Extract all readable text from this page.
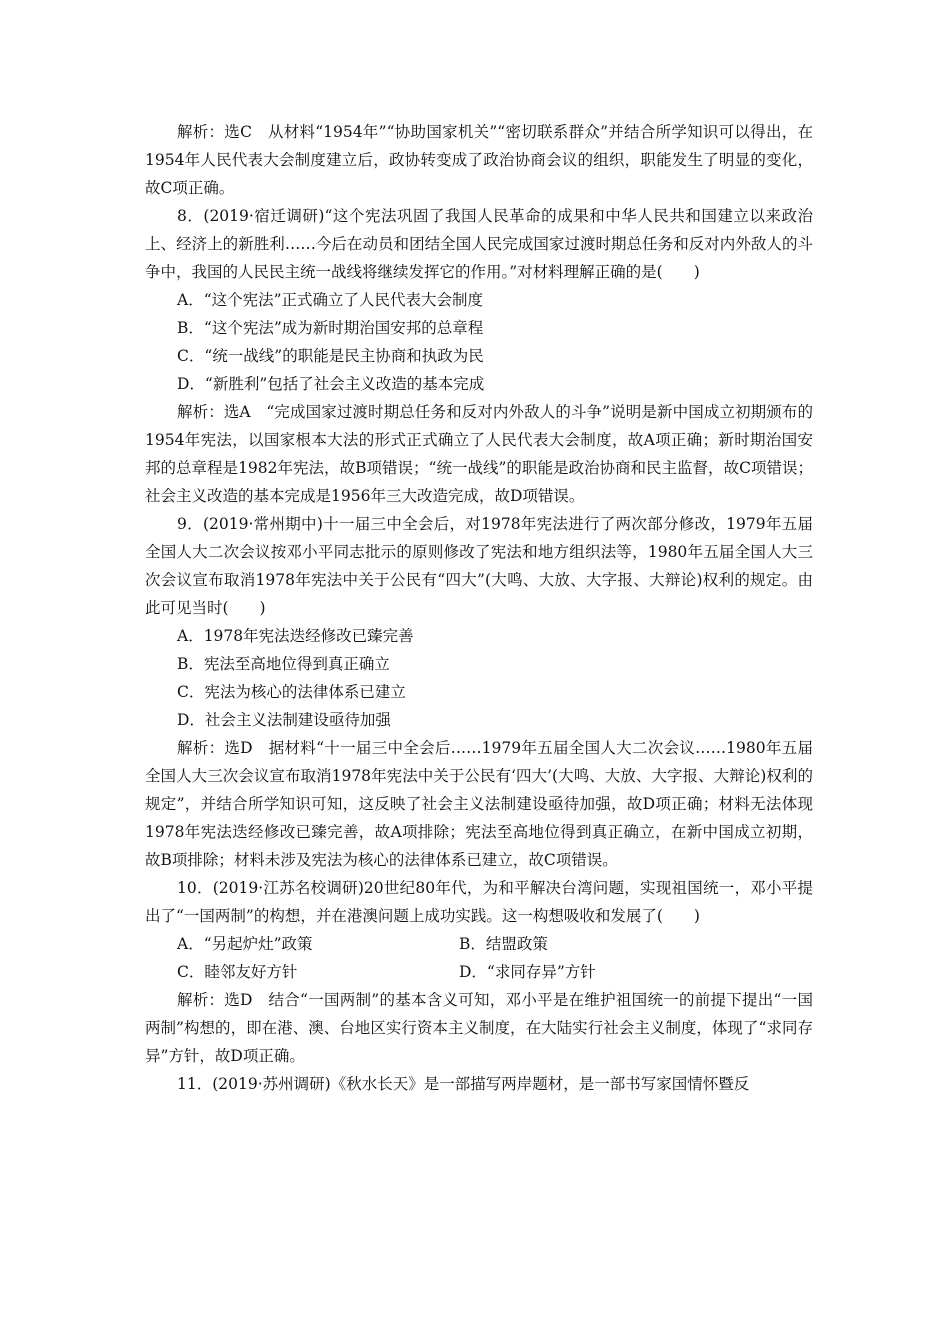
解析：选C　从材料“1954年”“协助国家机关”“密切联系群众”并结合所学知识可以得出，在1954年人民代表大会制度建立后，政协转变成了政治协商会议的组织，职能发生了明显的变化，故C项正确。

8．(2019·宿迁调研)“这个宪法巩固了我国人民革命的成果和中华人民共和国建立以来政治上、经济上的新胜利……今后在动员和团结全国人民完成国家过渡时期总任务和反对内外敌人的斗争中，我国的人民民主统一战线将继续发挥它的作用。”对材料理解正确的是(　　)

A．“这个宪法”正式确立了人民代表大会制度

B．“这个宪法”成为新时期治国安邦的总章程

C．“统一战线”的职能是民主协商和执政为民

D．“新胜利”包括了社会主义改造的基本完成

解析：选A　“完成国家过渡时期总任务和反对内外敌人的斗争”说明是新中国成立初期颁布的1954年宪法，以国家根本大法的形式正式确立了人民代表大会制度，故A项正确；新时期治国安邦的总章程是1982年宪法，故B项错误；“统一战线”的职能是政治协商和民主监督，故C项错误；社会主义改造的基本完成是1956年三大改造完成，故D项错误。

9．(2019·常州期中)十一届三中全会后，对1978年宪法进行了两次部分修改，1979年五届全国人大二次会议按邓小平同志批示的原则修改了宪法和地方组织法等，1980年五届全国人大三次会议宣布取消1978年宪法中关于公民有“四大”(大鸣、大放、大字报、大辩论)权利的规定。由此可见当时(　　)

A．1978年宪法迭经修改已臻完善

B．宪法至高地位得到真正确立

C．宪法为核心的法律体系已建立

D．社会主义法制建设亟待加强

解析：选D　据材料“十一届三中全会后……1979年五届全国人大二次会议……1980年五届全国人大三次会议宣布取消1978年宪法中关于公民有‘四大’(大鸣、大放、大字报、大辩论)权利的规定”，并结合所学知识可知，这反映了社会主义法制建设亟待加强，故D项正确；材料无法体现1978年宪法迭经修改已臻完善，故A项排除；宪法至高地位得到真正确立，在新中国成立初期，故B项排除；材料未涉及宪法为核心的法律体系已建立，故C项错误。

10．(2019·江苏名校调研)20世纪80年代，为和平解决台湾问题，实现祖国统一，邓小平提出了“一国两制”的构想，并在港澳问题上成功实践。这一构想吸收和发展了(　　)

A．“另起炉灶”政策	B．结盟政策
C．睦邻友好方针	D．“求同存异”方针

解析：选D　结合“一国两制”的基本含义可知，邓小平是在维护祖国统一的前提下提出“一国两制”构想的，即在港、澳、台地区实行资本主义制度，在大陆实行社会主义制度，体现了“求同存异”方针，故D项正确。

11．(2019·苏州调研)《秋水长天》是一部描写两岸题材，是一部书写家国情怀暨反
